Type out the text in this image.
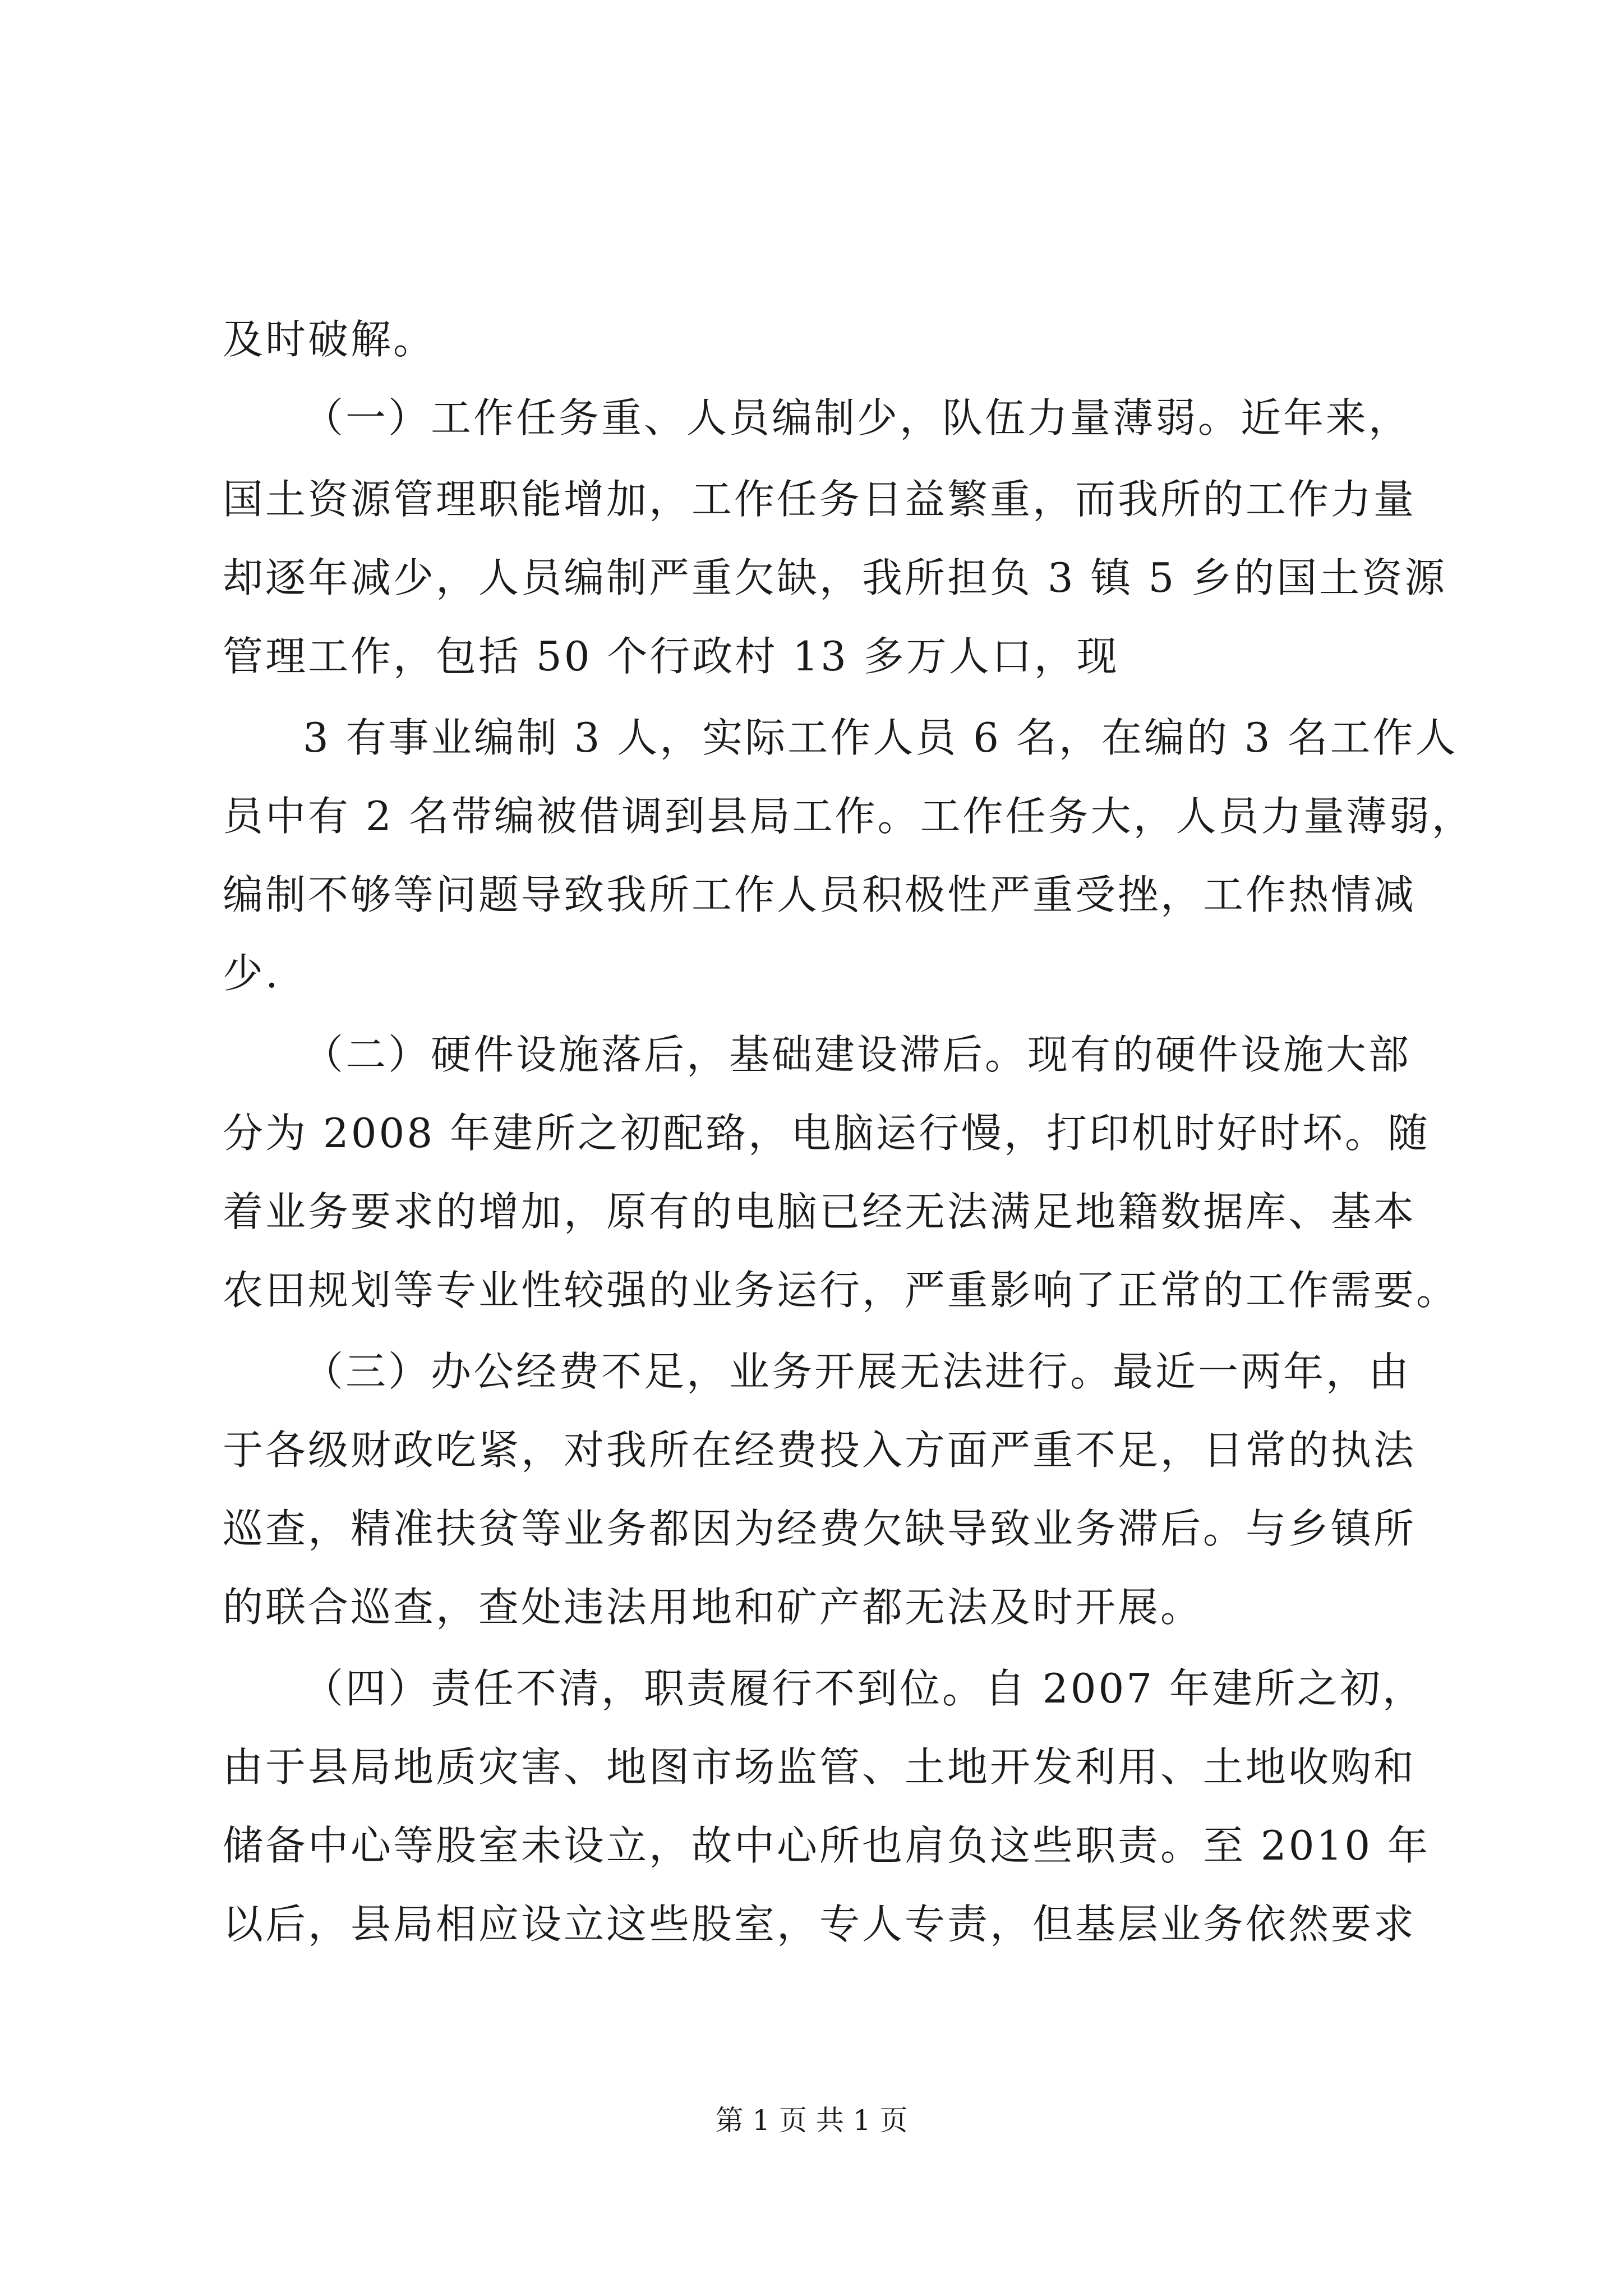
及时破解。
（一）工作任务重、人员编制少，队伍力量薄弱。近年来，
国土资源管理职能增加，工作任务日益繁重，而我所的工作力量
却逐年减少，人员编制严重欠缺，我所担负 3 镇 5 乡的国土资源
管理工作，包括 50 个行政村 13 多万人口，现
3 有事业编制 3 人，实际工作人员 6 名，在编的 3 名工作人
员中有 2 名带编被借调到县局工作。工作任务大，人员力量薄弱，
编制不够等问题导致我所工作人员积极性严重受挫，工作热情减
少.
（二）硬件设施落后，基础建设滞后。现有的硬件设施大部
分为 2008 年建所之初配臵，电脑运行慢，打印机时好时坏。随
着业务要求的增加，原有的电脑已经无法满足地籍数据库、基本
农田规划等专业性较强的业务运行，严重影响了正常的工作需要。
（三）办公经费不足，业务开展无法进行。最近一两年，由
于各级财政吃紧，对我所在经费投入方面严重不足，日常的执法
巡查，精准扶贫等业务都因为经费欠缺导致业务滞后。与乡镇所
的联合巡查，查处违法用地和矿产都无法及时开展。
（四）责任不清，职责履行不到位。自 2007 年建所之初，
由于县局地质灾害、地图市场监管、土地开发利用、土地收购和
储备中心等股室未设立，故中心所也肩负这些职责。至 2010 年
以后，县局相应设立这些股室，专人专责，但基层业务依然要求
第 1 页 共 1 页
